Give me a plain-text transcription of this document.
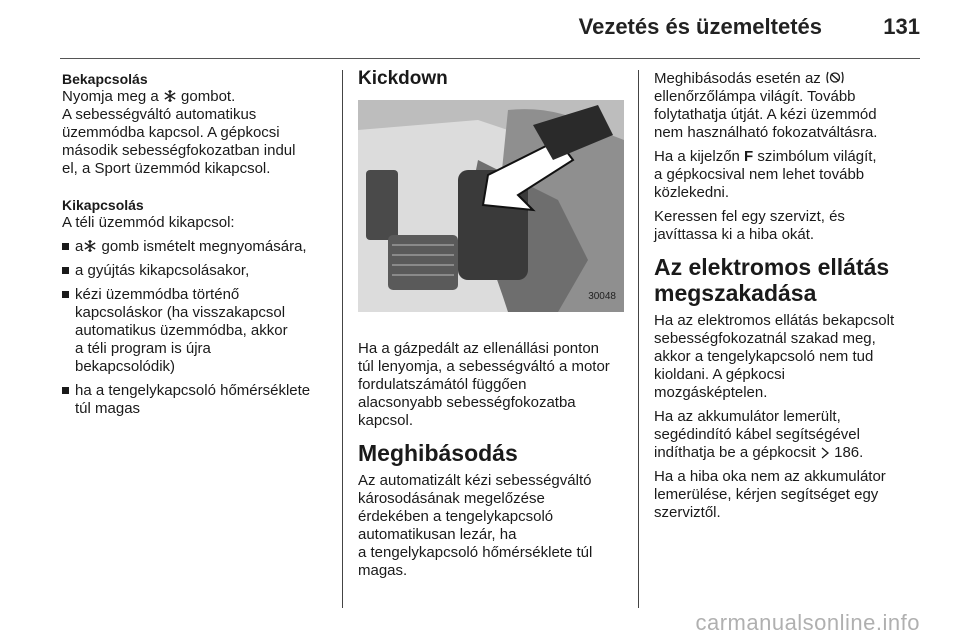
Vezetés és üzemeltetés	131
Bekapcsolás
Nyomja meg a  gombot.
A sebességváltó automatikus
üzemmódba kapcsol. A gépkocsi
második sebességfokozatban indul
el, a Sport üzemmód kikapcsol.
Kikapcsolás
A téli üzemmód kikapcsol:
a gomb ismételt megnyomására,
a gyújtás kikapcsolásakor,
kézi üzemmódba történő
kapcsoláskor (ha visszakapcsol
automatikus üzemmódba, akkor
a téli program is újra
bekapcsolódik)
ha a tengelykapcsoló hőmérséklete
túl magas
Kickdown
30048
Ha a gázpedált az ellenállási ponton
túl lenyomja, a sebességváltó a motor
fordulatszámától függően
alacsonyabb sebességfokozatba
kapcsol.
Meghibásodás
Az automatizált kézi sebességváltó
károsodásának megelőzése
érdekében a tengelykapcsoló
automatikusan lezár, ha
a tengelykapcsoló hőmérséklete túl
magas.
Meghibásodás esetén az
ellenőrzőlámpa világít. Tovább
folytathatja útját. A kézi üzemmód
nem használható fokozatváltásra.
Ha a kijelzőn F szimbólum világít,
a gépkocsival nem lehet tovább
közlekedni.
Keressen fel egy szervizt, és
javíttassa ki a hiba okát.
Az elektromos ellátás
megszakadása
Ha az elektromos ellátás bekapcsolt
sebességfokozatnál szakad meg,
akkor a tengelykapcsoló nem tud
kioldani. A gépkocsi
mozgásképtelen.
Ha az akkumulátor lemerült,
segédindító kábel segítségével
indíthatja be a gépkocsit  186.
Ha a hiba oka nem az akkumulátor
lemerülése, kérjen segítséget egy
szerviztől.
carmanualsonline.info
